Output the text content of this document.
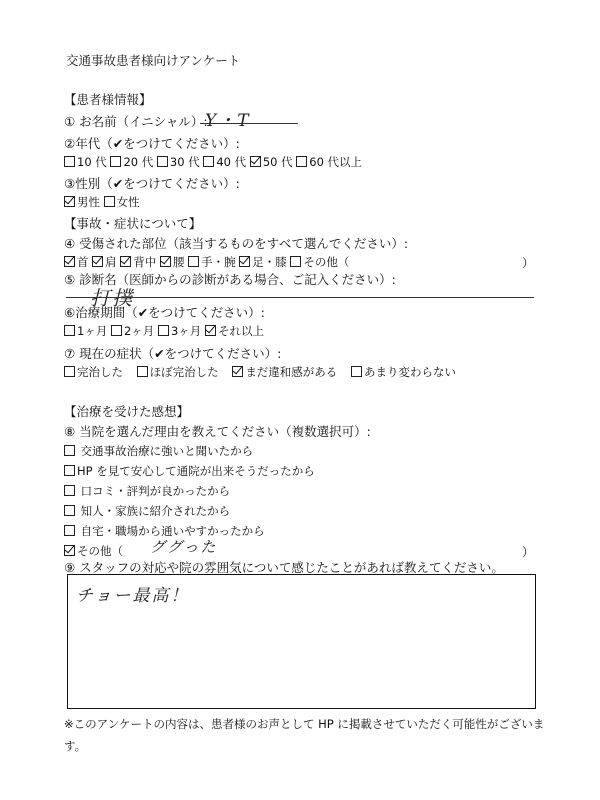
交通事故患者様向けアンケート
【患者様情報】
① お名前（イニシャル）:
Y・T
②年代（✔をつけてください）:
10 代 20 代 30 代 40 代 50 代 60 代以上
③性別（✔をつけてください）:
男性 女性
【事故・症状について】
④ 受傷された部位（該当するものをすべて選んでください）:
首 肩 背中 腰 手・腕 足・膝 その他（	）
⑤ 診断名（医師からの診断がある場合、ご記入ください）:
打撲
⑥治療期間（✔をつけてください）:
1ヶ月 2ヶ月 3ヶ月 それ以上
⑦ 現在の症状（✔をつけてください）:
完治した ほぼ完治した まだ違和感がある あまり変わらない
【治療を受けた感想】
⑧ 当院を選んだ理由を教えてください（複数選択可）:
交通事故治療に強いと聞いたから
HP を見て安心して通院が出来そうだったから
口コミ・評判が良かったから
知人・家族に紹介されたから
自宅・職場から通いやすかったから
その他（ ググった	）
⑨ スタッフの対応や院の雰囲気について感じたことがあれば教えてください。
チョー最高！
※このアンケートの内容は、患者様のお声として HP に掲載させていただく可能性がございます。
